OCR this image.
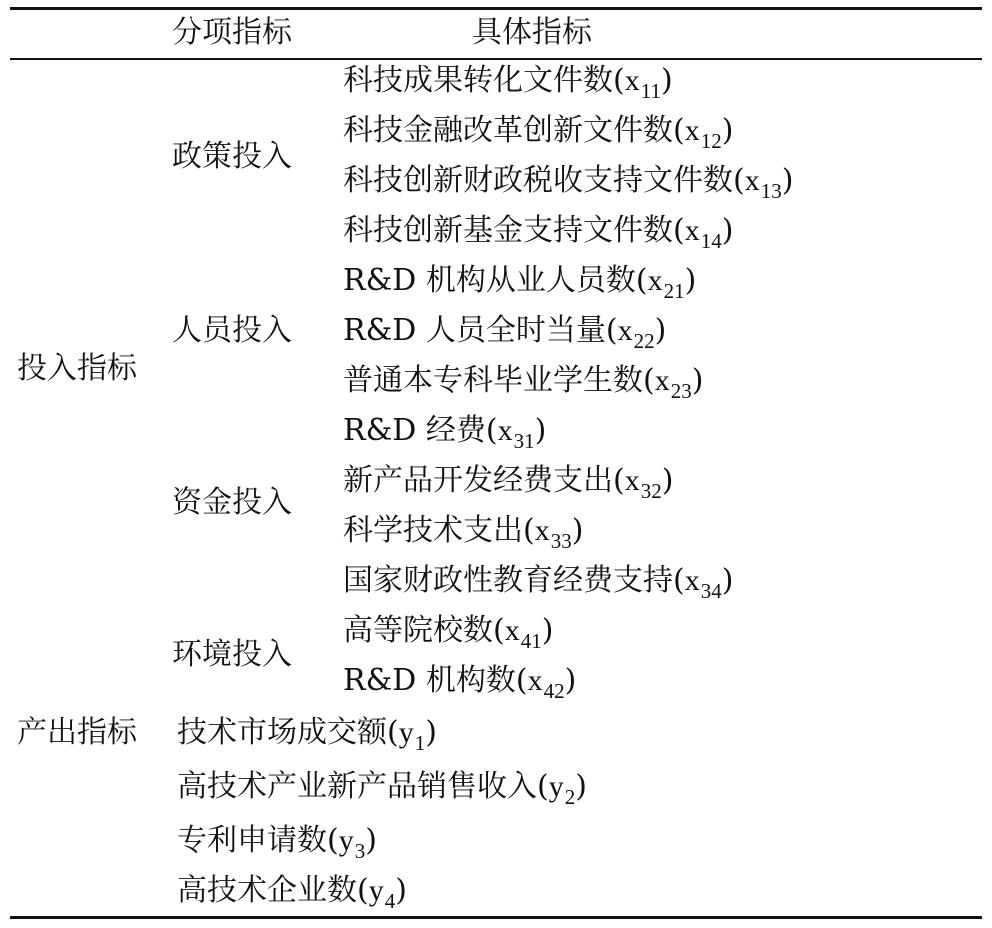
分项指标	具体指标
投入指标
产出指标
政策投入
人员投入
资金投入
环境投入
科技成果转化文件数$(x_{11})$
科技金融改革创新文件数$(x_{12})$
科技创新财政税收支持文件数$(x_{13})$
科技创新基金支持文件数$(x_{14})$
R&D 机构从业人员数$(x_{21})$
R&D 人员全时当量$(x_{22})$
普通本专科毕业学生数$(x_{23})$
R&D 经费$(x_{31})$
新产品开发经费支出$(x_{32})$
科学技术支出$(x_{33})$
国家财政性教育经费支持$(x_{34})$
高等院校数$(x_{41})$
R&D 机构数$(x_{42})$
技术市场成交额$(y_1)$
高技术产业新产品销售收入$(y_2)$
专利申请数$(y_3)$
高技术企业数$(y_4)$
